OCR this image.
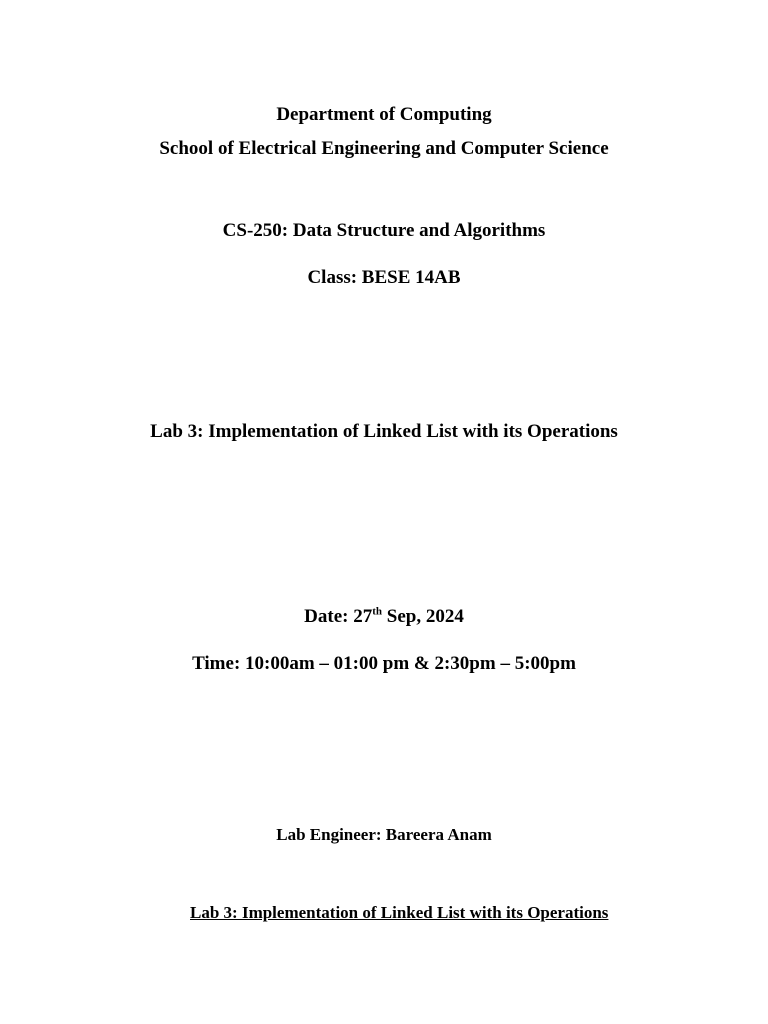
Department of Computing
School of Electrical Engineering and Computer Science
CS-250: Data Structure and Algorithms
Class: BESE 14AB
Lab 3: Implementation of Linked List with its Operations
Date: 27th Sep, 2024
Time: 10:00am – 01:00 pm & 2:30pm – 5:00pm
Lab Engineer: Bareera Anam
Lab 3: Implementation of Linked List with its Operations
